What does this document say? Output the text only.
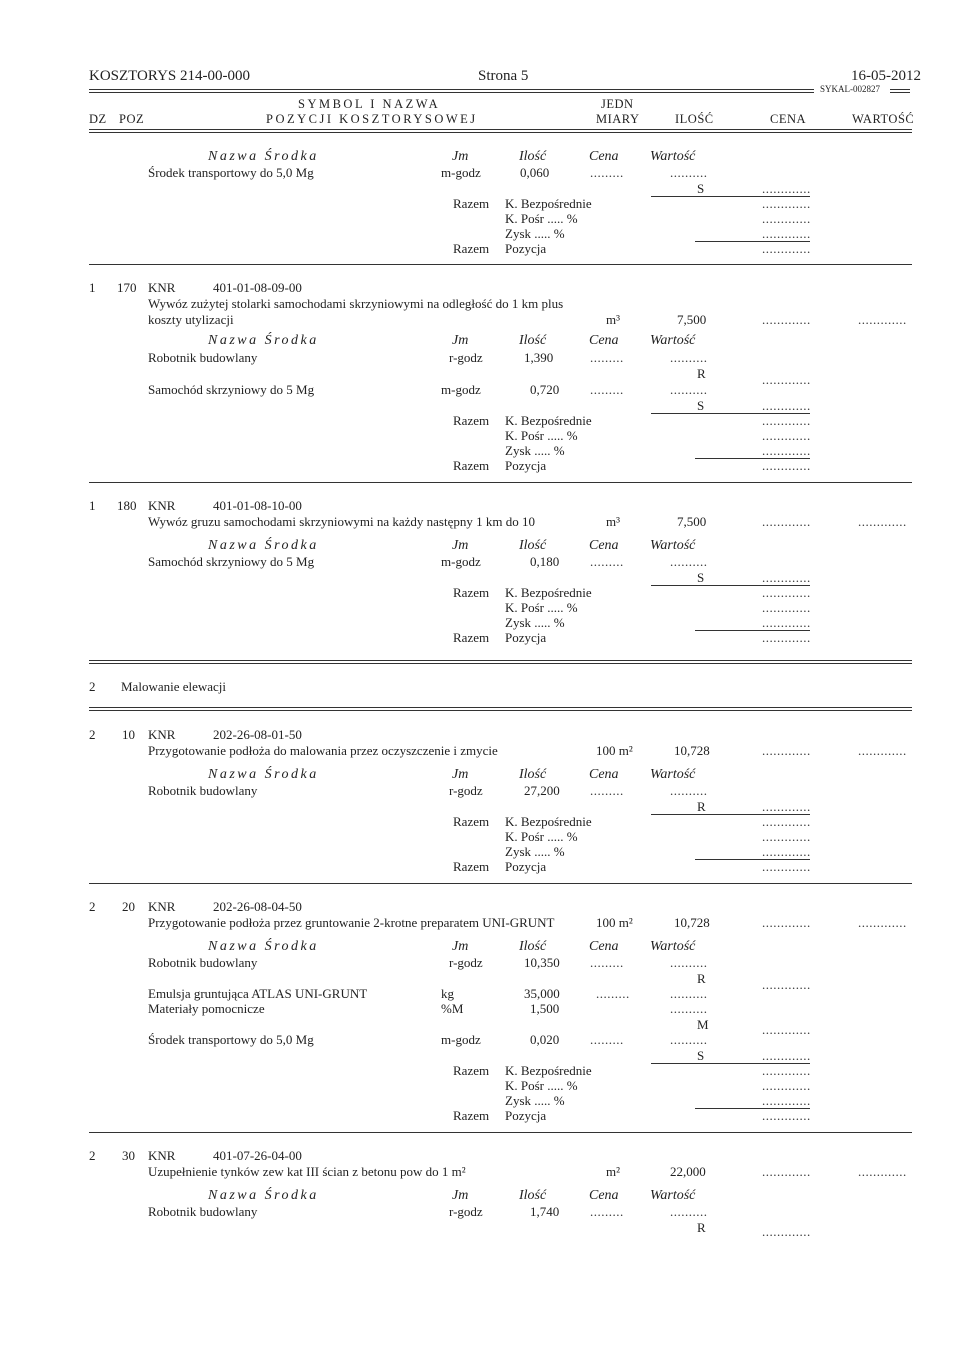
KOSZTORYS 214-00-000	Strona 5	16-05-2012
SYKAL-002827
SYMBOL I NAZWA	JEDN
DZ POZ	POZYCJI KOSZTORYSOWEJ	MIARY	ILOŚĆ	CENA	WARTOŚĆ
Nazwa Środka	Jm	Ilość	Cena Wartość
Środek transportowy do 5,0 Mg	m-godz	0,060	.........	..........
S	.............
Razem K. Bezpośrednie	.............
K. Pośr ..... %	.............
Zysk ..... %	.............
Razem Pozycja	.............
1 170 KNR	401-01-08-09-00
Wywóz zużytej stolarki samochodami skrzyniowymi na odległość do 1 km plus
koszty utylizacji	m³	7,500	.............	.............
Nazwa Środka	Jm	Ilość	Cena Wartość
Robotnik budowlany	r-godz	1,390	.........	..........
R	.............
Samochód skrzyniowy do 5 Mg	m-godz	0,720 .........	..........
S	.............
Razem K. Bezpośrednie	.............
K. Pośr ..... %	.............
Zysk ..... %	.............
Razem Pozycja	.............
1 180 KNR	401-01-08-10-00
Wywóz gruzu samochodami skrzyniowymi na każdy następny 1 km do 10	m³	7,500	.............	.............
Nazwa Środka	Jm	Ilość	Cena Wartość
Samochód skrzyniowy do 5 Mg	m-godz	0,180 .........	..........
S	.............
Razem K. Bezpośrednie	.............
K. Pośr ..... %	.............
Zysk ..... %	.............
Razem Pozycja	.............
2 Malowanie elewacji
2 10 KNR	202-26-08-01-50
Przygotowanie podłoża do malowania przez oczyszczenie i zmycie	100 m²	10,728	.............	.............
Nazwa Środka	Jm	Ilość	Cena Wartość
Robotnik budowlany	r-godz	27,200 .........	..........
R	.............
Razem K. Bezpośrednie	.............
K. Pośr ..... %	.............
Zysk ..... %	.............
Razem Pozycja	.............
2 20 KNR	202-26-08-04-50
Przygotowanie podłoża przez gruntowanie 2-krotne preparatem UNI-GRUNT	100 m²	10,728	.............	.............
Nazwa Środka	Jm	Ilość	Cena Wartość
Robotnik budowlany	r-godz	10,350 .........	..........
R	.............
Emulsja gruntująca ATLAS UNI-GRUNT	kg	35,000	.........	..........
Materiały pomocnicze	%M	1,500	..........
M	.............
Środek transportowy do 5,0 Mg	m-godz	0,020 .........	..........
S	.............
Razem K. Bezpośrednie	.............
K. Pośr ..... %	.............
Zysk ..... %	.............
Razem Pozycja	.............
2 30 KNR	401-07-26-04-00
Uzupełnienie tynków zew kat III ścian z betonu pow do 1 m²	m²	22,000	.............	.............
Nazwa Środka	Jm	Ilość	Cena Wartość
Robotnik budowlany	r-godz	1,740 .........	..........
R	.............
